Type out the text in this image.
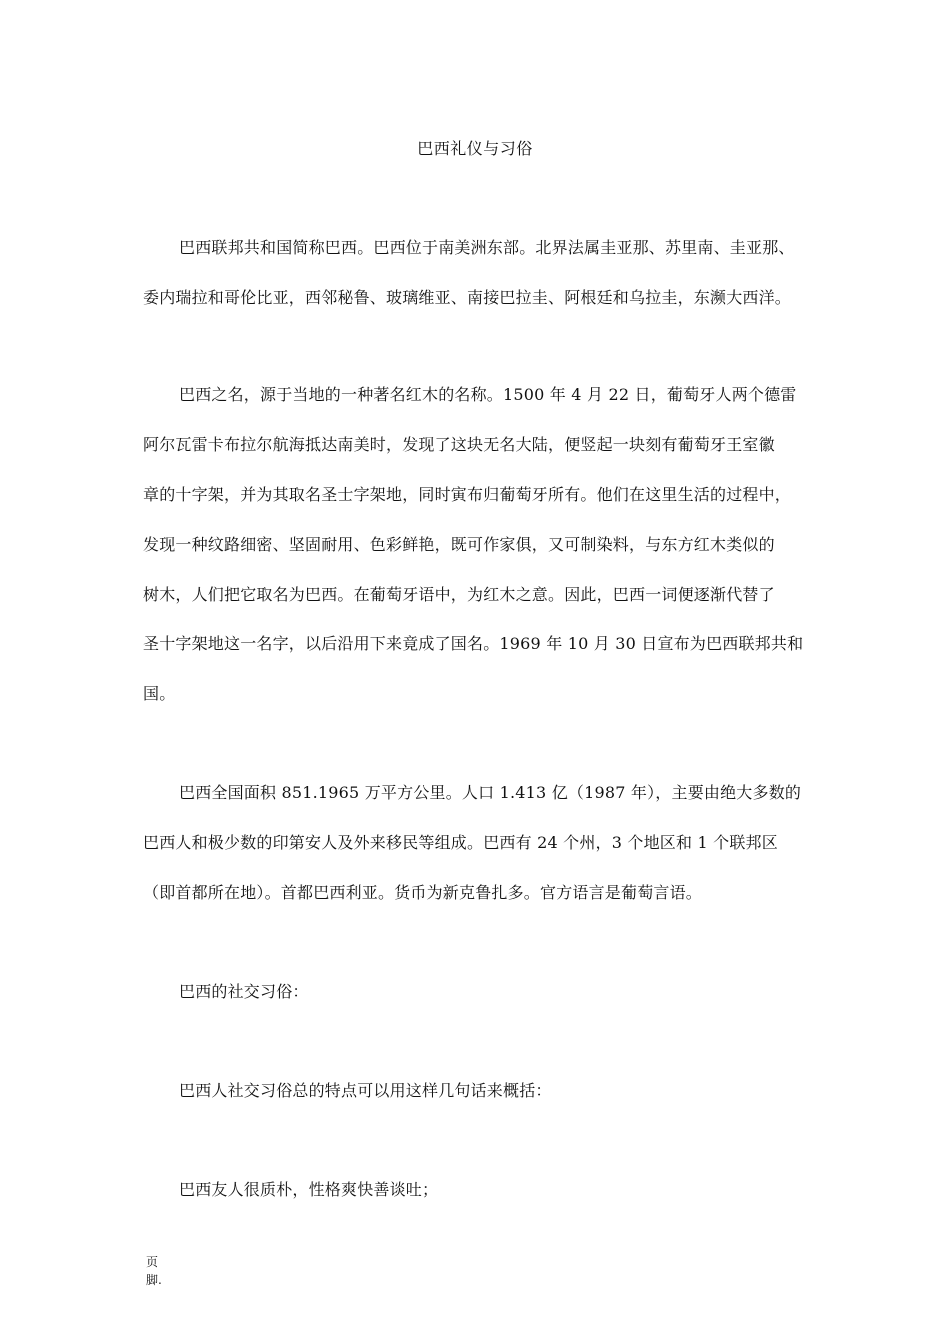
巴西礼仪与习俗
巴西联邦共和国简称巴西。巴西位于南美洲东部。北界法属圭亚那、苏里南、圭亚那、
委内瑞拉和哥伦比亚，西邻秘鲁、玻璃维亚、南接巴拉圭、阿根廷和乌拉圭，东濒大西洋。
巴西之名，源于当地的一种著名红木的名称。1500 年 4 月 22 日，葡萄牙人两个德雷
阿尔瓦雷卡布拉尔航海抵达南美时，发现了这块无名大陆，便竖起一块刻有葡萄牙王室徽
章的十字架，并为其取名圣士字架地，同时寅布归葡萄牙所有。他们在这里生活的过程中，
发现一种纹路细密、坚固耐用、色彩鲜艳，既可作家俱，又可制染料，与东方红木类似的
树木，人们把它取名为巴西。在葡萄牙语中，为红木之意。因此，巴西一词便逐渐代替了
圣十字架地这一名字，以后沿用下来竟成了国名。1969 年 10 月 30 日宣布为巴西联邦共和
国。
巴西全国面积 851.1965 万平方公里。人口 1.413 亿（1987 年），主要由绝大多数的
巴西人和极少数的印第安人及外来移民等组成。巴西有 24 个州，3 个地区和 1 个联邦区
（即首都所在地）。首都巴西利亚。货币为新克鲁扎多。官方语言是葡萄言语。
巴西的社交习俗：
巴西人社交习俗总的特点可以用这样几句话来概括：
巴西友人很质朴，性格爽快善谈吐；
页
脚.
